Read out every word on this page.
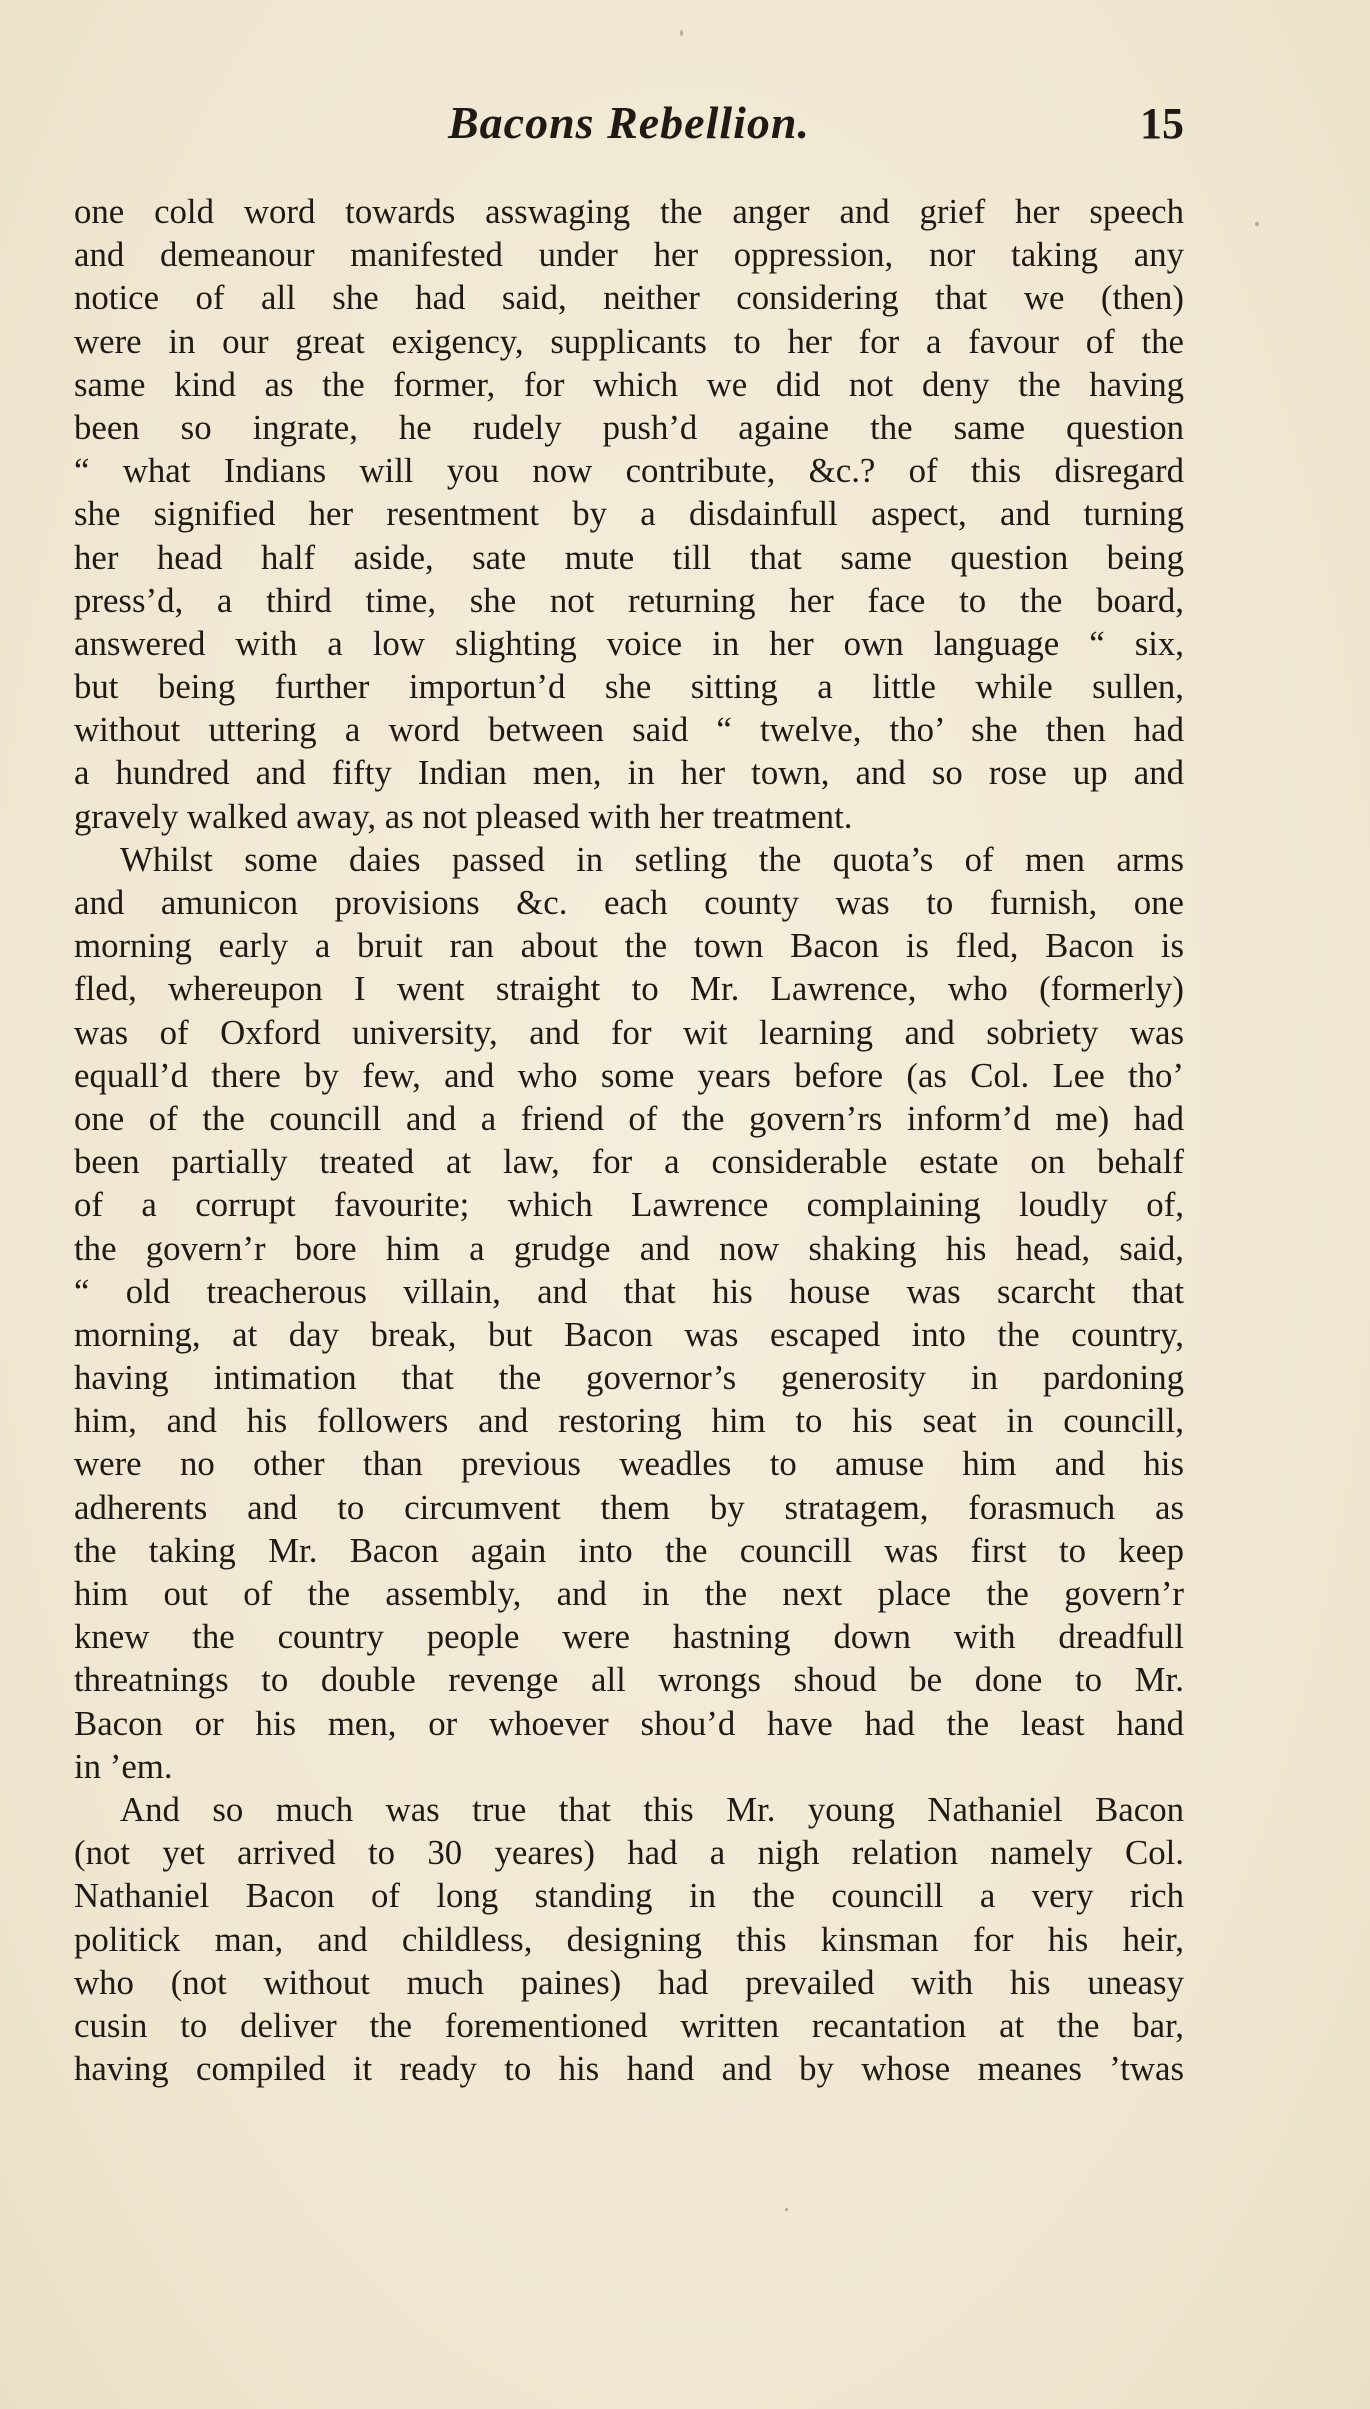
Bacons Rebellion.	15
one cold word towards asswaging the anger and grief her speech
and demeanour manifested under her oppression, nor taking any
notice of all she had said, neither considering that we (then)
were in our great exigency, supplicants to her for a favour of the
same kind as the former, for which we did not deny the having
been so ingrate, he rudely push’d againe the same question
“ what Indians will you now contribute, &c.? of this disregard
she signified her resentment by a disdainfull aspect, and turning
her head half aside, sate mute till that same question being
press’d, a third time, she not returning her face to the board,
answered with a low slighting voice in her own language “ six,
but being further importun’d she sitting a little while sullen,
without uttering a word between said “ twelve, tho’ she then had
a hundred and fifty Indian men, in her town, and so rose up and
gravely walked away, as not pleased with her treatment.
Whilst some daies passed in setling the quota’s of men arms
and amunicon provisions &c. each county was to furnish, one
morning early a bruit ran about the town Bacon is fled, Bacon is
fled, whereupon I went straight to Mr. Lawrence, who (formerly)
was of Oxford university, and for wit learning and sobriety was
equall’d there by few, and who some years before (as Col. Lee tho’
one of the councill and a friend of the govern’rs inform’d me) had
been partially treated at law, for a considerable estate on behalf
of a corrupt favourite; which Lawrence complaining loudly of,
the govern’r bore him a grudge and now shaking his head, said,
“ old treacherous villain, and that his house was scarcht that
morning, at day break, but Bacon was escaped into the country,
having intimation that the governor’s generosity in pardoning
him, and his followers and restoring him to his seat in councill,
were no other than previous weadles to amuse him and his
adherents and to circumvent them by stratagem, forasmuch as
the taking Mr. Bacon again into the councill was first to keep
him out of the assembly, and in the next place the govern’r
knew the country people were hastning down with dreadfull
threatnings to double revenge all wrongs shoud be done to Mr.
Bacon or his men, or whoever shou’d have had the least hand
in ’em.
And so much was true that this Mr. young Nathaniel Bacon
(not yet arrived to 30 yeares) had a nigh relation namely Col.
Nathaniel Bacon of long standing in the councill a very rich
politick man, and childless, designing this kinsman for his heir,
who (not without much paines) had prevailed with his uneasy
cusin to deliver the forementioned written recantation at the bar,
having compiled it ready to his hand and by whose meanes ’twas
